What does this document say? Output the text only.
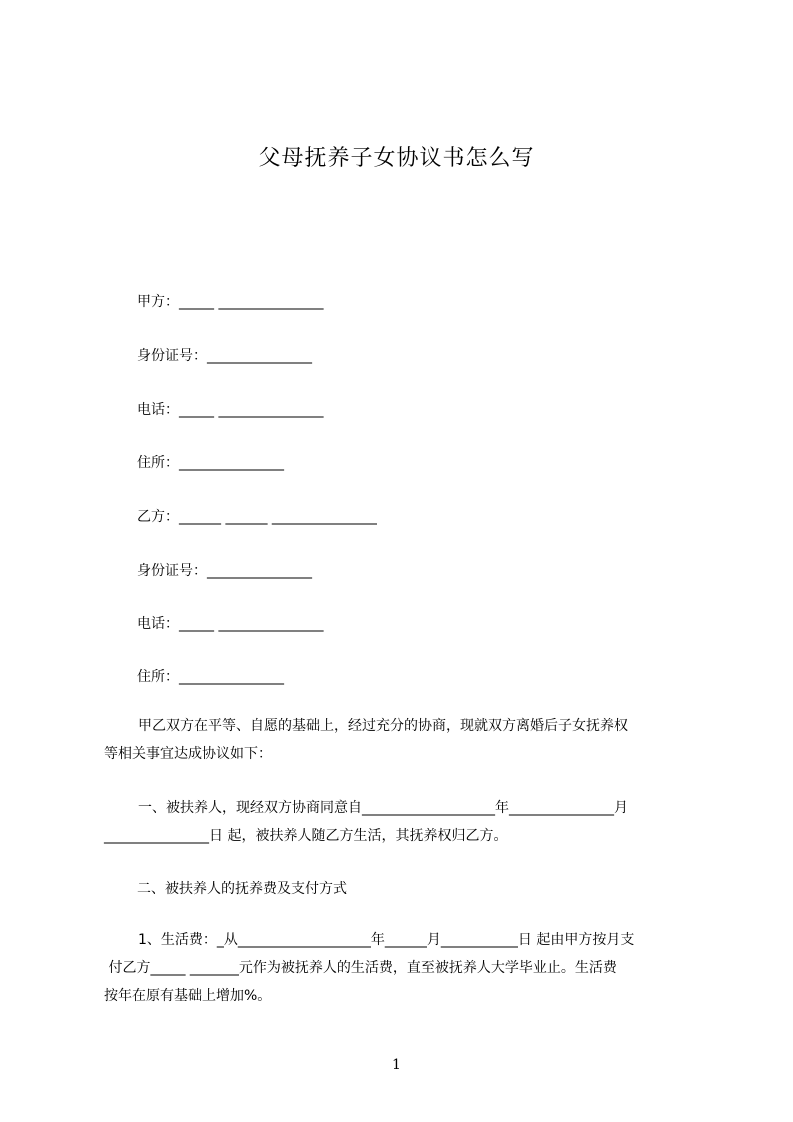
父母抚养子女协议书怎么写
甲方：_____ _______________
身份证号：_______________
电话：_____ _______________
住所：_______________
乙方：______ ______ _______________
身份证号：_______________
电话：_____ _______________
住所：_______________
甲乙双方在平等、自愿的基础上，经过充分的协商，现就双方离婚后子女抚养权
等相关事宜达成协议如下：
一、被扶养人，现经双方协商同意自___________________年_______________月
_______________日 起，被扶养人随乙方生活，其抚养权归乙方。
二、被扶养人的抚养费及支付方式
1、生活费：_从___________________年______月___________日 起由甲方按月支
付乙方_____ _______元作为被抚养人的生活费，直至被抚养人大学毕业止。生活费
按年在原有基础上增加%。
1
